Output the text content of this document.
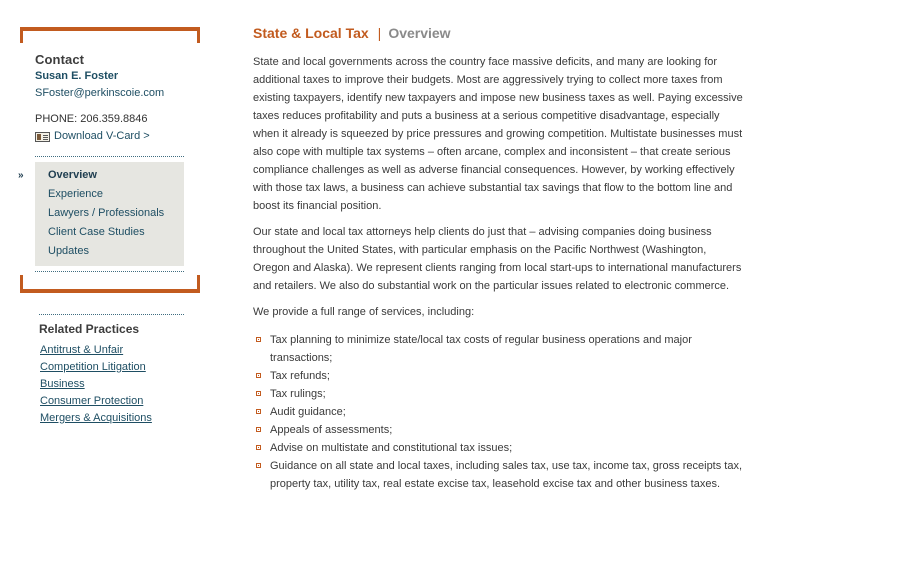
Contact
Susan E. Foster
SFoster@perkinscoie.com
PHONE: 206.359.8846
Download V-Card >
» Overview
Experience
Lawyers / Professionals
Client Case Studies
Updates
Related Practices
Antitrust & Unfair
Competition Litigation
Business
Consumer Protection
Mergers & Acquisitions
State & Local Tax | Overview

State and local governments across the country face massive deficits, and many are looking for additional taxes to improve their budgets. Most are aggressively trying to collect more taxes from existing taxpayers, identify new taxpayers and impose new business taxes as well. Paying excessive taxes reduces profitability and puts a business at a serious competitive disadvantage, especially when it already is squeezed by price pressures and growing competition. Multistate businesses must also cope with multiple tax systems – often arcane, complex and inconsistent – that create serious compliance challenges as well as adverse financial consequences. However, by working effectively with those tax laws, a business can achieve substantial tax savings that flow to the bottom line and boost its financial position.

Our state and local tax attorneys help clients do just that – advising companies doing business throughout the United States, with particular emphasis on the Pacific Northwest (Washington, Oregon and Alaska). We represent clients ranging from local start-ups to international manufacturers and retailers. We also do substantial work on the particular issues related to electronic commerce.

We provide a full range of services, including:

Tax planning to minimize state/local tax costs of regular business operations and major transactions;
Tax refunds;
Tax rulings;
Audit guidance;
Appeals of assessments;
Advise on multistate and constitutional tax issues;
Guidance on all state and local taxes, including sales tax, use tax, income tax, gross receipts tax, property tax, utility tax, real estate excise tax, leasehold excise tax and other business taxes.
